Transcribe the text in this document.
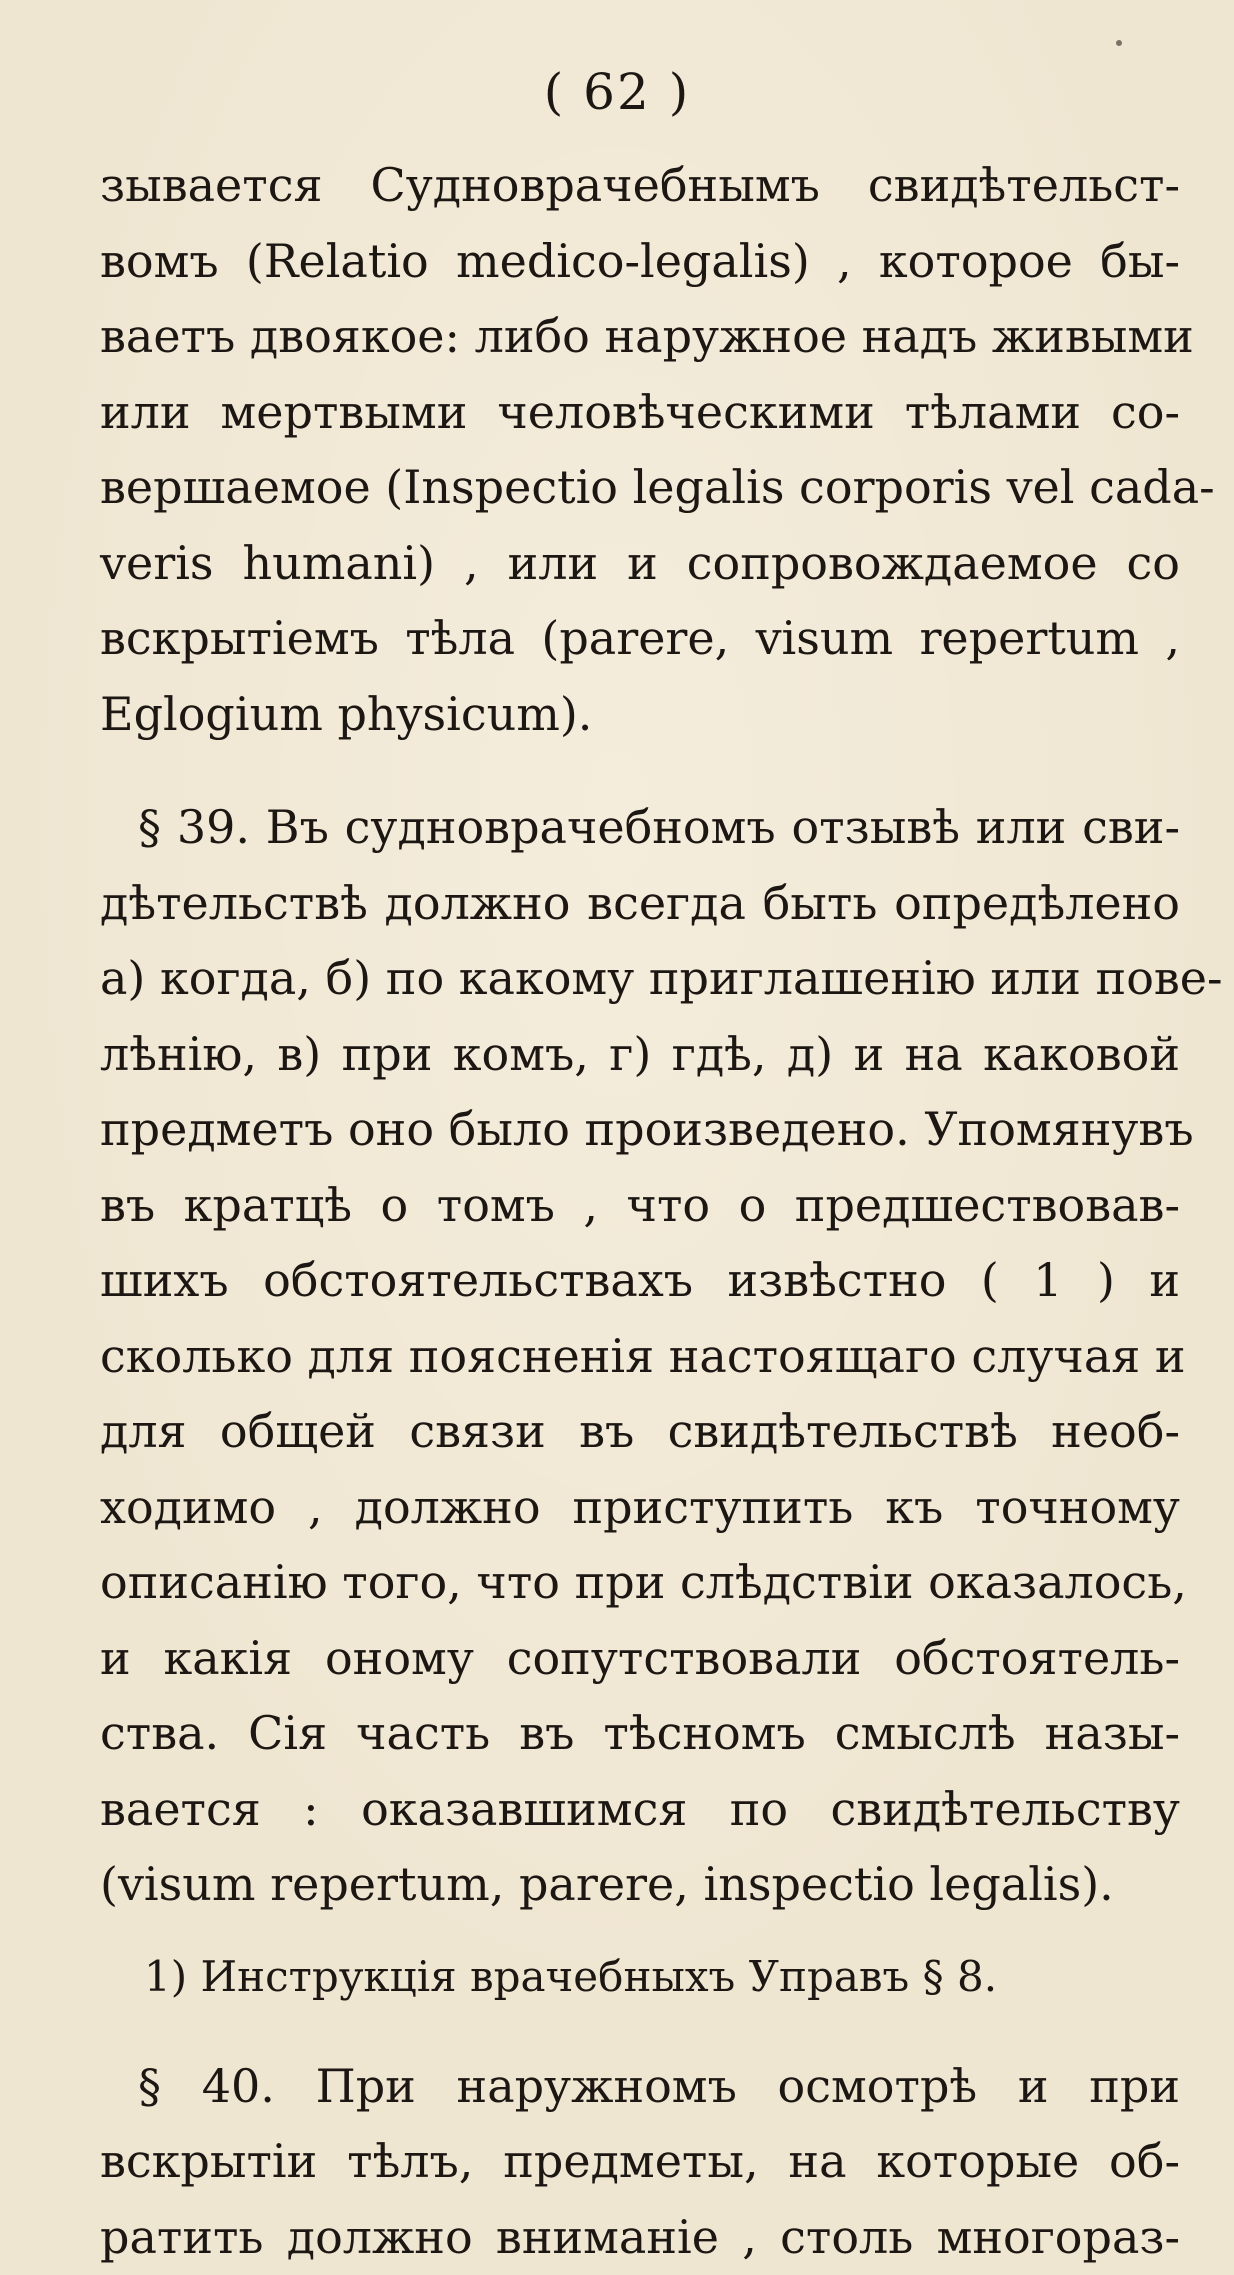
( 62 )
зывается Судноврачебнымъ свидѣтельст-
вомъ (Relatio medico-legalis) , которое бы-
ваетъ двоякое: либо наружное надъ живыми
или мертвыми человѣческими тѣлами со-
вершаемое (Inspectio legalis corporis vel cada-
veris humani) , или и сопровождаемое со
вскрытіемъ тѣла (parere, visum repertum ,
Eglogium physicum).
§ 39. Въ судноврачебномъ отзывѣ или сви-
дѣтельствѣ должно всегда быть опредѣлено
а) когда, б) по какому приглашенію или пове-
лѣнію, в) при комъ, г) гдѣ, д) и на каковой
предметъ оно было произведено. Упомянувъ
въ кратцѣ о томъ , что о предшествовав-
шихъ обстоятельствахъ извѣстно ( 1 ) и
сколько для поясненія настоящаго случая и
для общей связи въ свидѣтельствѣ необ-
ходимо , должно приступить къ точному
описанію того, что при слѣдствіи оказалось,
и какія оному сопутствовали обстоятель-
ства. Сія часть въ тѣсномъ смыслѣ назы-
вается : оказавшимся по свидѣтельству
(visum repertum, parere, inspectio legalis).
1) Инструкція врачебныхъ Управъ § 8.
§ 40. При наружномъ осмотрѣ и при
вскрытіи тѣлъ, предметы, на которые об-
ратить должно вниманіе , столь многораз-
